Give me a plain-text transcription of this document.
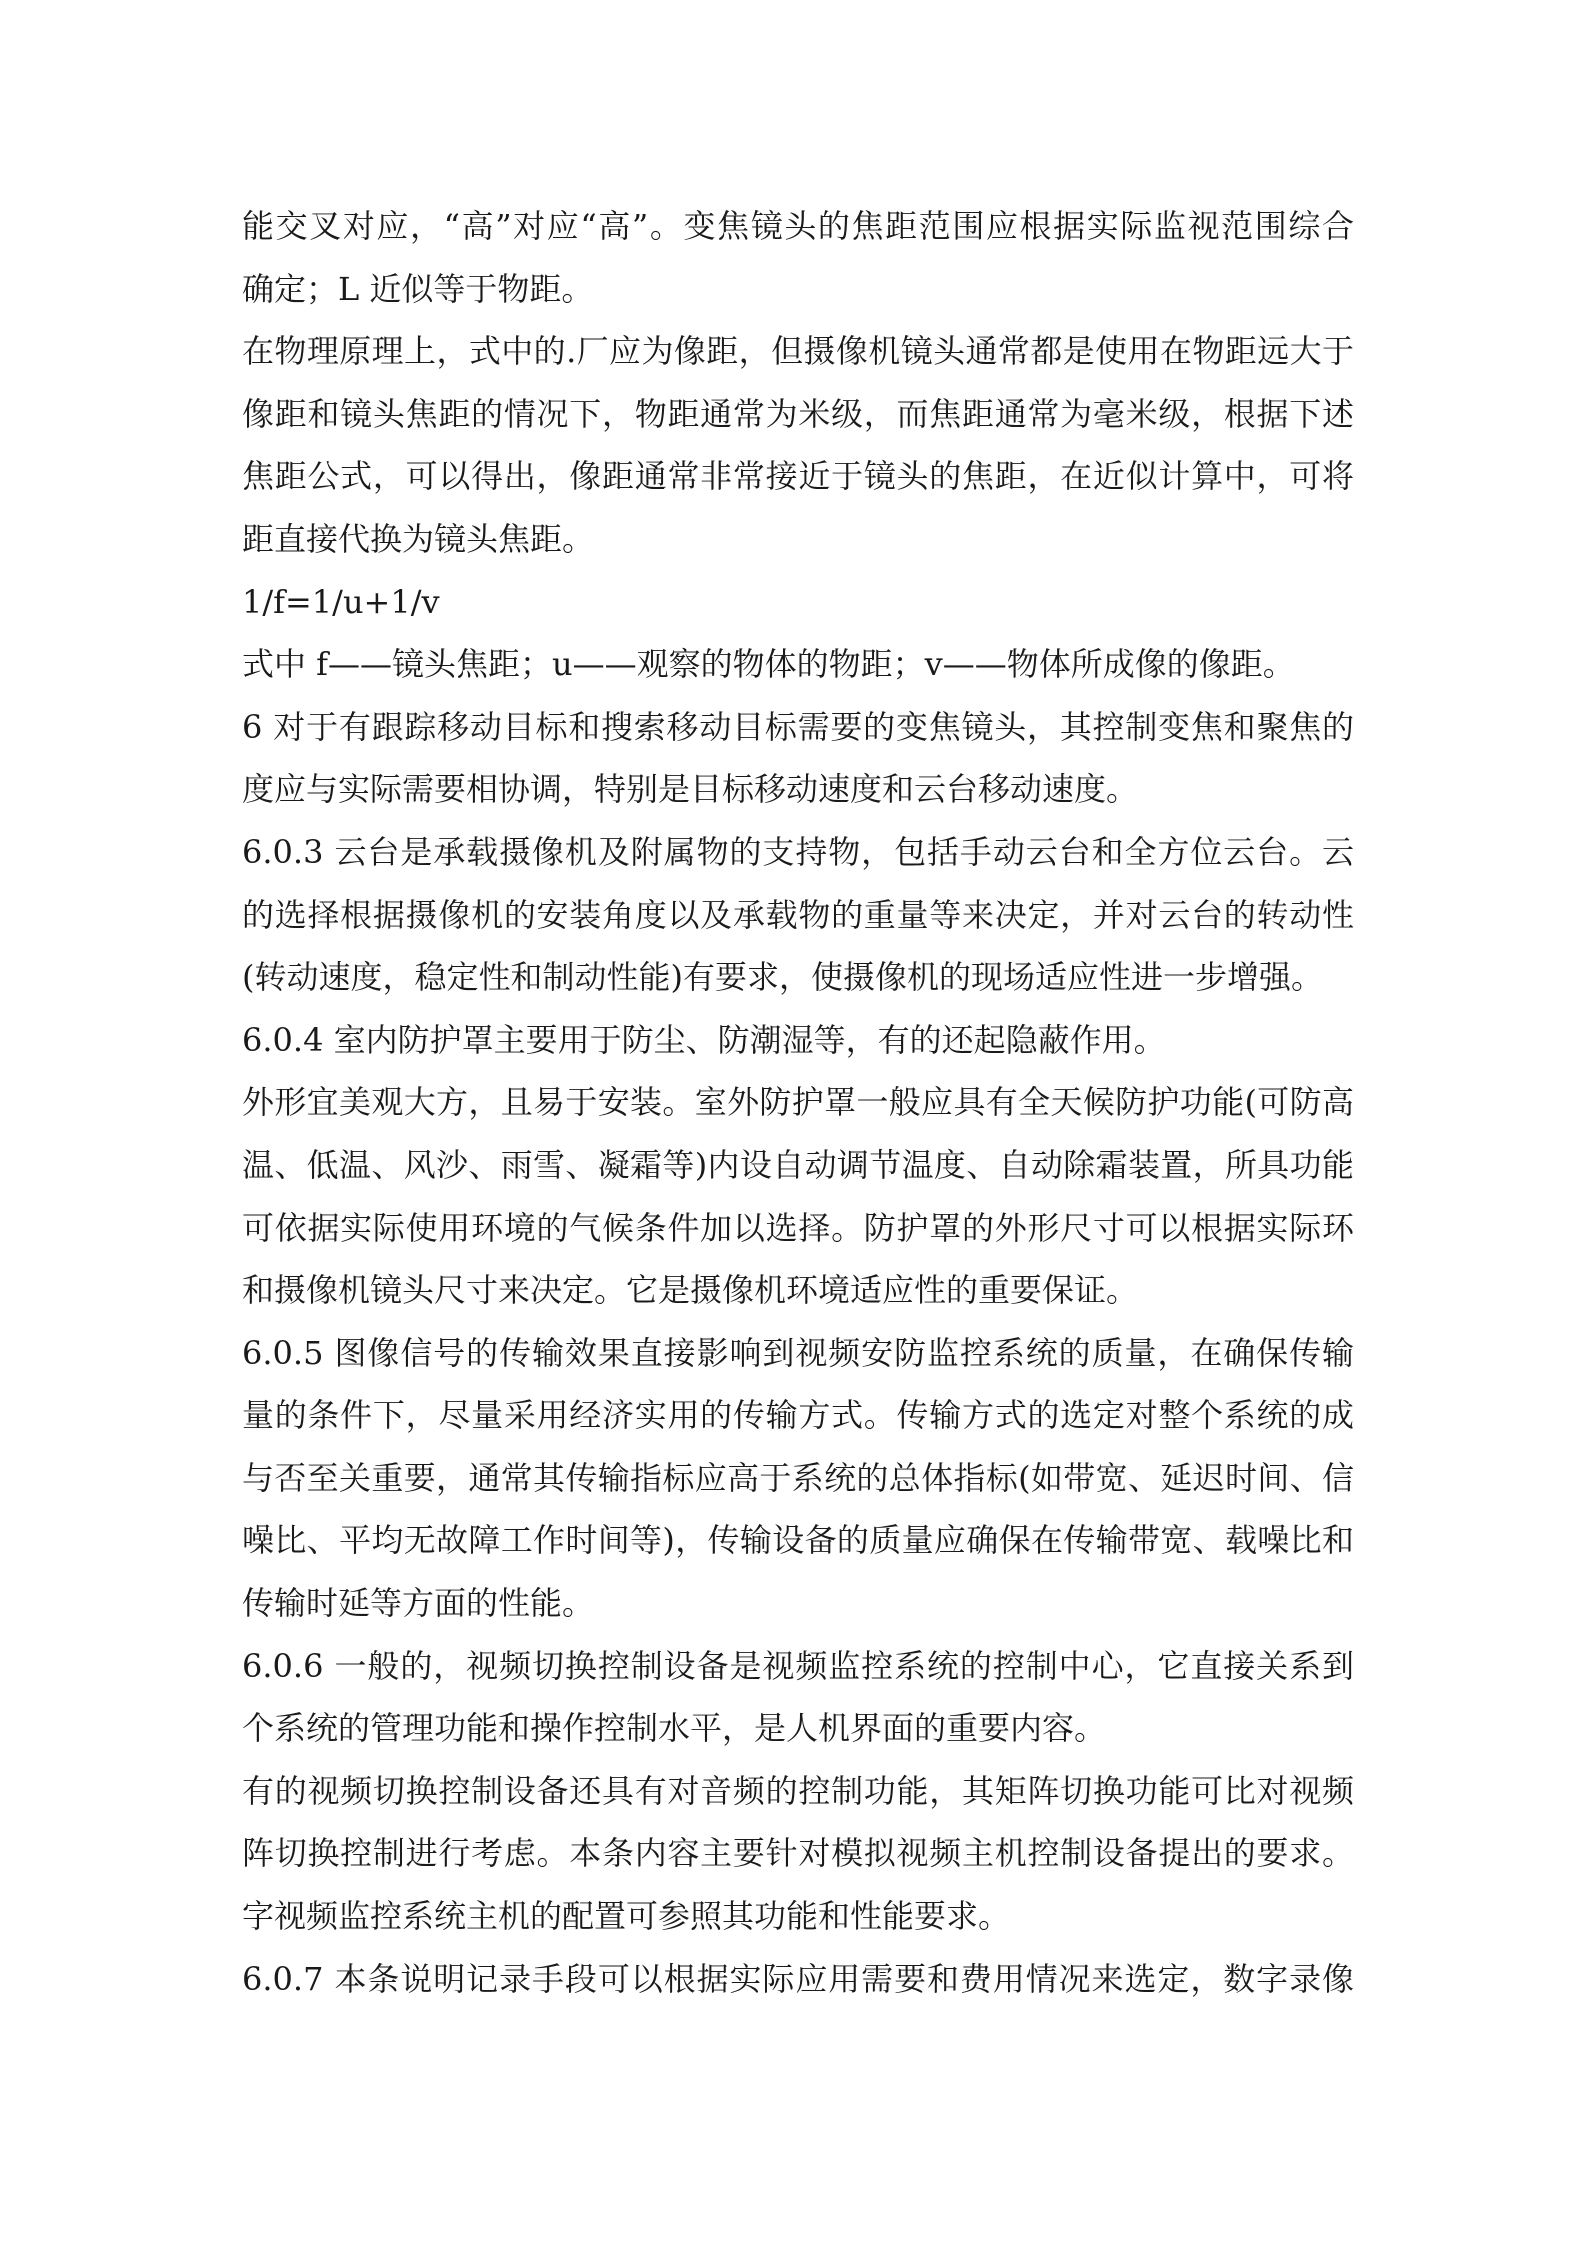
能交叉对应，“高”对应“高”。变焦镜头的焦距范围应根据实际监视范围综合
确定；L 近似等于物距。
在物理原理上，式中的.厂应为像距，但摄像机镜头通常都是使用在物距远大于
像距和镜头焦距的情况下，物距通常为米级，而焦距通常为毫米级，根据下述
焦距公式，可以得出，像距通常非常接近于镜头的焦距，在近似计算中，可将
距直接代换为镜头焦距。
1/f=1/u+1/v
式中 f——镜头焦距；u——观察的物体的物距；v——物体所成像的像距。
6 对于有跟踪移动目标和搜索移动目标需要的变焦镜头，其控制变焦和聚焦的
度应与实际需要相协调，特别是目标移动速度和云台移动速度。
6.0.3 云台是承载摄像机及附属物的支持物，包括手动云台和全方位云台。云
的选择根据摄像机的安装角度以及承载物的重量等来决定，并对云台的转动性
(转动速度，稳定性和制动性能)有要求，使摄像机的现场适应性进一步增强。
6.0.4 室内防护罩主要用于防尘、防潮湿等，有的还起隐蔽作用。
外形宜美观大方，且易于安装。室外防护罩一般应具有全天候防护功能(可防高
温、低温、风沙、雨雪、凝霜等)内设自动调节温度、自动除霜装置，所具功能
可依据实际使用环境的气候条件加以选择。防护罩的外形尺寸可以根据实际环
和摄像机镜头尺寸来决定。它是摄像机环境适应性的重要保证。
6.0.5 图像信号的传输效果直接影响到视频安防监控系统的质量，在确保传输
量的条件下，尽量采用经济实用的传输方式。传输方式的选定对整个系统的成
与否至关重要，通常其传输指标应高于系统的总体指标(如带宽、延迟时间、信
噪比、平均无故障工作时间等)，传输设备的质量应确保在传输带宽、载噪比和
传输时延等方面的性能。
6.0.6 一般的，视频切换控制设备是视频监控系统的控制中心，它直接关系到
个系统的管理功能和操作控制水平，是人机界面的重要内容。
有的视频切换控制设备还具有对音频的控制功能，其矩阵切换功能可比对视频
阵切换控制进行考虑。本条内容主要针对模拟视频主机控制设备提出的要求。
字视频监控系统主机的配置可参照其功能和性能要求。
6.0.7 本条说明记录手段可以根据实际应用需要和费用情况来选定，数字录像
